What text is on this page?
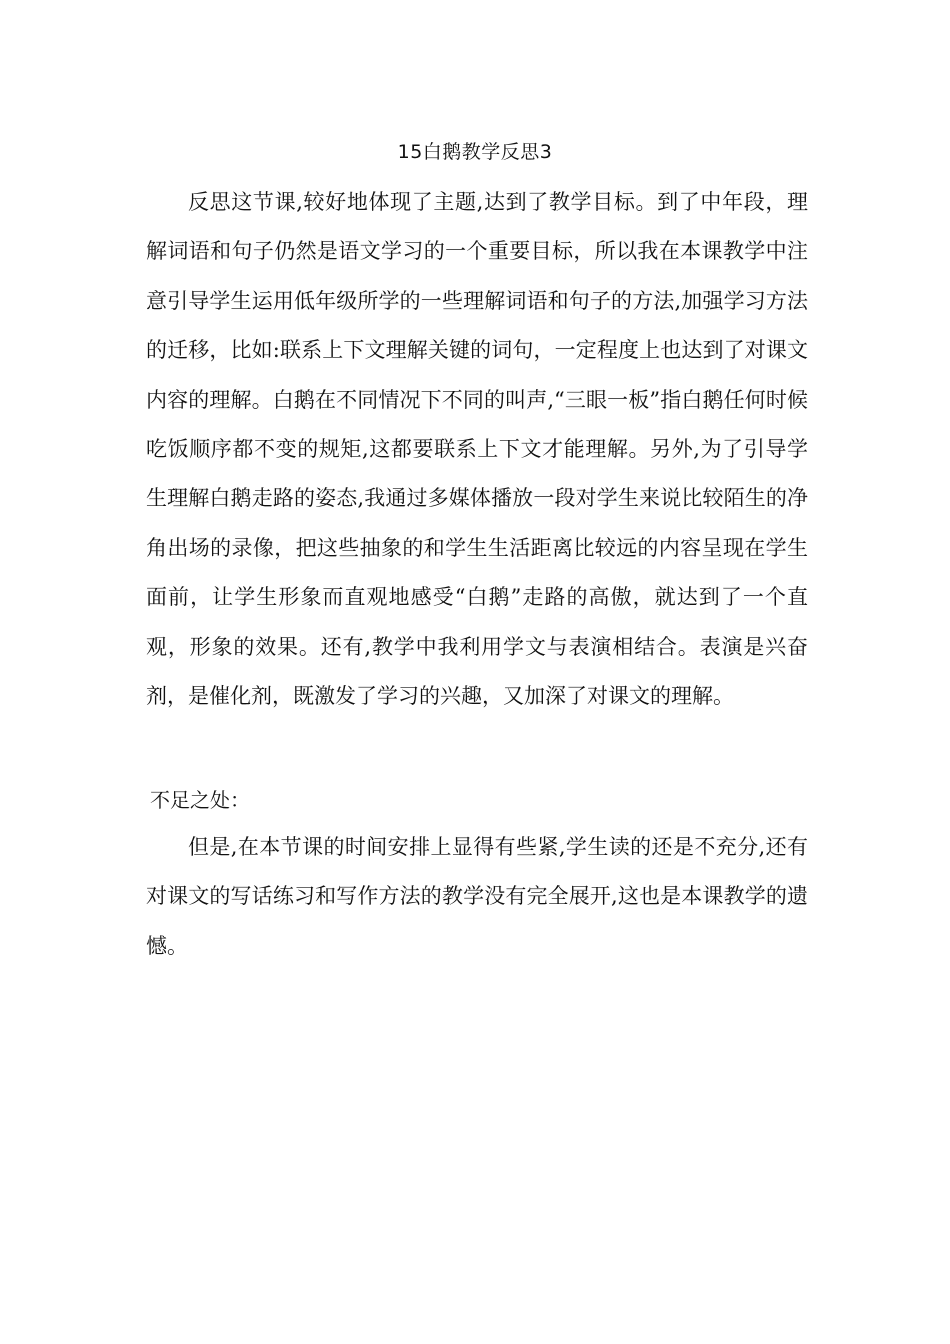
15白鹅教学反思3

反思这节课,较好地体现了主题,达到了教学目标。到了中年段，理解词语和句子仍然是语文学习的一个重要目标，所以我在本课教学中注意引导学生运用低年级所学的一些理解词语和句子的方法,加强学习方法的迁移，比如:联系上下文理解关键的词句，一定程度上也达到了对课文内容的理解。白鹅在不同情况下不同的叫声,“三眼一板”指白鹅任何时候吃饭顺序都不变的规矩,这都要联系上下文才能理解。另外,为了引导学生理解白鹅走路的姿态,我通过多媒体播放一段对学生来说比较陌生的净角出场的录像，把这些抽象的和学生生活距离比较远的内容呈现在学生面前，让学生形象而直观地感受“白鹅”走路的高傲，就达到了一个直观，形象的效果。还有,教学中我利用学文与表演相结合。表演是兴奋剂，是催化剂，既激发了学习的兴趣，又加深了对课文的理解。

不足之处：

但是,在本节课的时间安排上显得有些紧,学生读的还是不充分,还有对课文的写话练习和写作方法的教学没有完全展开,这也是本课教学的遗憾。
